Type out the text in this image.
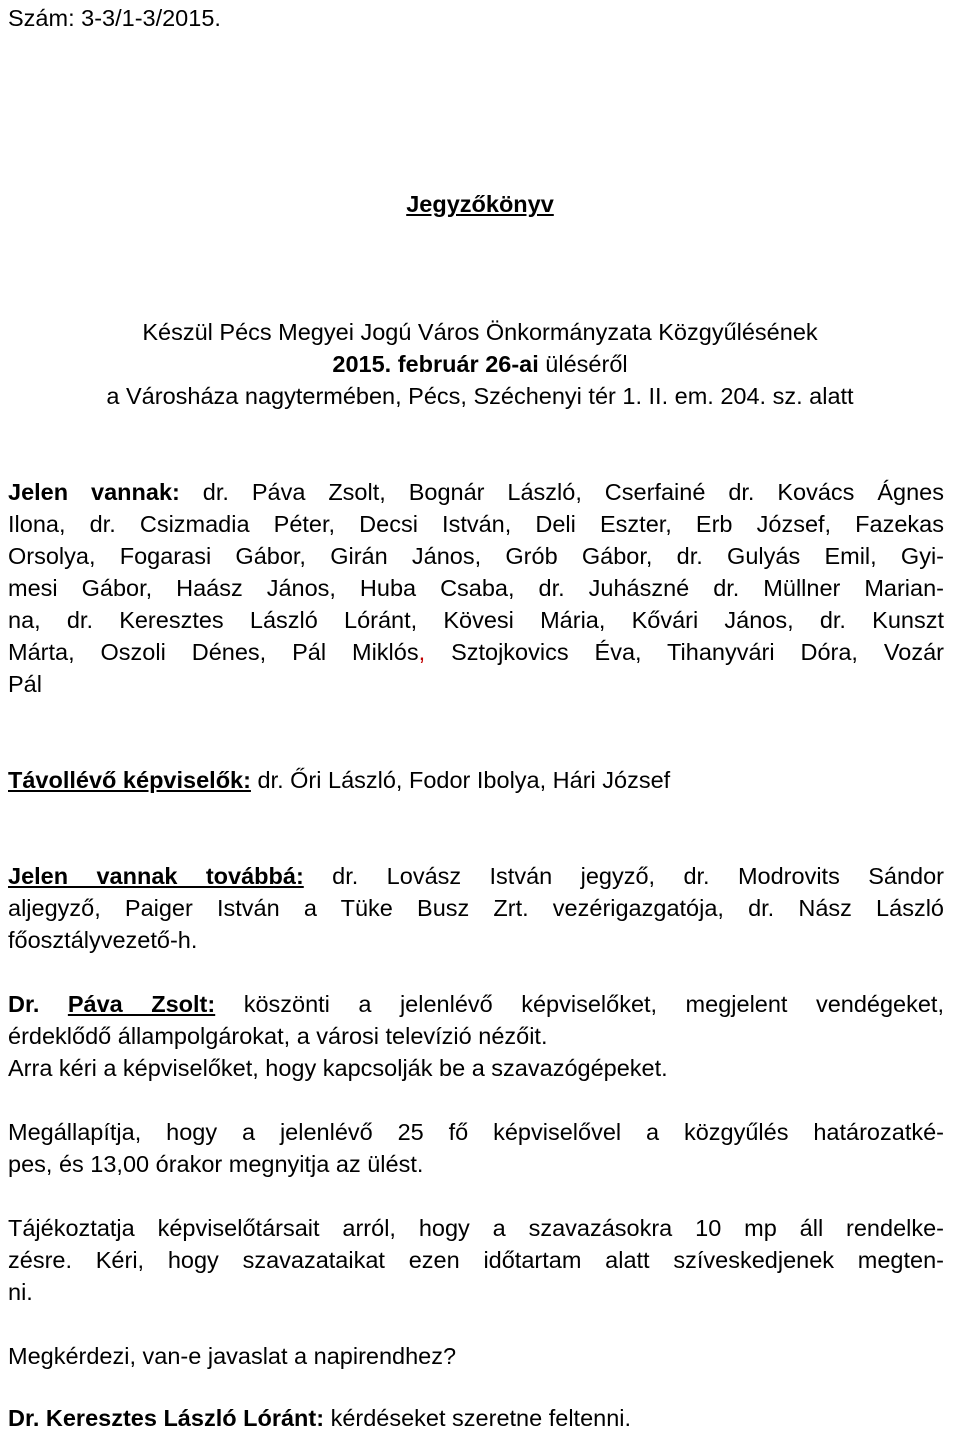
Szám: 3-3/1-3/2015.

Jegyzőkönyv

Készül Pécs Megyei Jogú Város Önkormányzata Közgyűlésének
2015. február 26-ai üléséről
a Városháza nagytermében, Pécs, Széchenyi tér 1. II. em. 204. sz. alatt
Jelen vannak: dr. Páva Zsolt, Bognár László, Cserfainé dr. Kovács Ágnes
Ilona, dr. Csizmadia Péter, Decsi István, Deli Eszter, Erb József, Fazekas
Orsolya, Fogarasi Gábor, Girán János, Grób Gábor, dr. Gulyás Emil, Gyi-
mesi Gábor, Haász János, Huba Csaba, dr. Juhászné dr. Müllner Marian-
na, dr. Keresztes László Lóránt, Kövesi Mária, Kővári János, dr. Kunszt
Márta, Oszoli Dénes, Pál Miklós, Sztojkovics Éva, Tihanyvári Dóra, Vozár
Pál

Távollévő képviselők: dr. Őri László, Fodor Ibolya, Hári József

Jelen vannak továbbá: dr. Lovász István jegyző, dr. Modrovits Sándor
aljegyző, Paiger István a Tüke Busz Zrt. vezérigazgatója, dr. Nász László
főosztályvezető-h.
Dr. Páva Zsolt: köszönti a jelenlévő képviselőket, megjelent vendégeket,
érdeklődő állampolgárokat, a városi televízió nézőit.
Arra kéri a képviselőket, hogy kapcsolják be a szavazógépeket.
Megállapítja, hogy a jelenlévő 25 fő képviselővel a közgyűlés határozatké-
pes, és 13,00 órakor megnyitja az ülést.
Tájékoztatja képviselőtársait arról, hogy a szavazásokra 10 mp áll rendelke-
zésre. Kéri, hogy szavazataikat ezen időtartam alatt szíveskedjenek megten-
ni.

Megkérdezi, van-e javaslat a napirendhez?

Dr. Keresztes László Lóránt: kérdéseket szeretne feltenni.
